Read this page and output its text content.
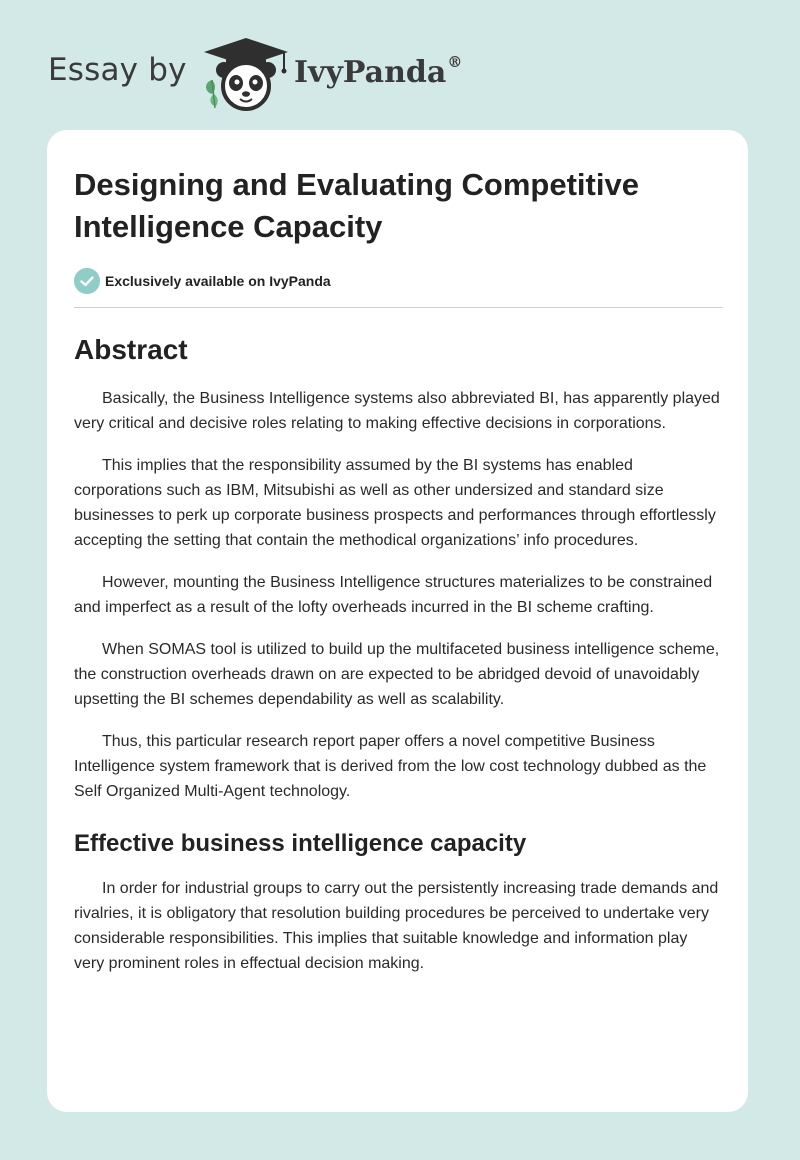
Essay by	IvyPanda®
Designing and Evaluating Competitive Intelligence Capacity
Exclusively available on IvyPanda
Abstract

Basically, the Business Intelligence systems also abbreviated BI, has apparently played very critical and decisive roles relating to making effective decisions in corporations.

This implies that the responsibility assumed by the BI systems has enabled corporations such as IBM, Mitsubishi as well as other undersized and standard size businesses to perk up corporate business prospects and performances through effortlessly accepting the setting that contain the methodical organizations’ info procedures.

However, mounting the Business Intelligence structures materializes to be constrained and imperfect as a result of the lofty overheads incurred in the BI scheme crafting.

When SOMAS tool is utilized to build up the multifaceted business intelligence scheme, the construction overheads drawn on are expected to be abridged devoid of unavoidably upsetting the BI schemes dependability as well as scalability.

Thus, this particular research report paper offers a novel competitive Business Intelligence system framework that is derived from the low cost technology dubbed as the Self Organized Multi-Agent technology.

Effective business intelligence capacity

In order for industrial groups to carry out the persistently increasing trade demands and rivalries, it is obligatory that resolution building procedures be perceived to undertake very considerable responsibilities. This implies that suitable knowledge and information play very prominent roles in effectual decision making.
